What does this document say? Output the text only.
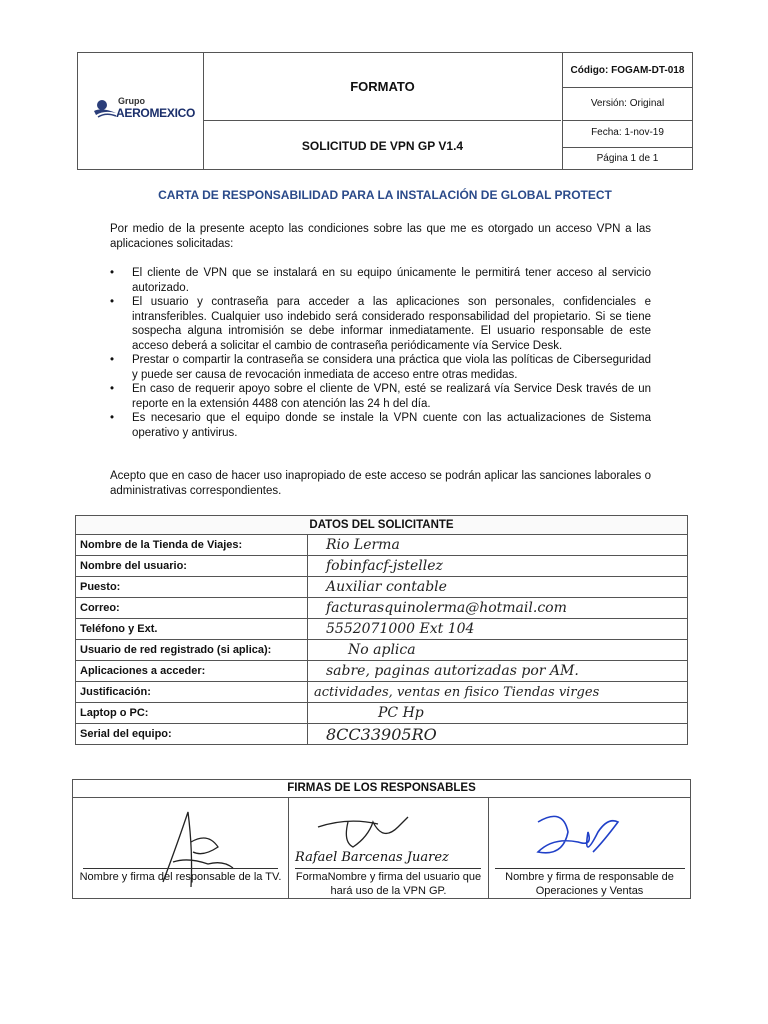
Grupo
AEROMEXICO
FORMATO
SOLICITUD DE VPN GP V1.4
Código: FOGAM-DT-018
Versión: Original
Fecha: 1-nov-19
Página 1 de 1
CARTA DE RESPONSABILIDAD PARA LA INSTALACIÓN DE GLOBAL PROTECT
Por medio de la presente acepto las condiciones sobre las que me es otorgado un acceso VPN a las aplicaciones solicitadas:
• El cliente de VPN que se instalará en su equipo únicamente le permitirá tener acceso al servicio autorizado.
• El usuario y contraseña para acceder a las aplicaciones son personales, confidenciales e intransferibles. Cualquier uso indebido será considerado responsabilidad del propietario. Si se tiene sospecha alguna intromisión se debe informar inmediatamente. El usuario responsable de este acceso deberá a solicitar el cambio de contraseña periódicamente vía Service Desk.
• Prestar o compartir la contraseña se considera una práctica que viola las políticas de Ciberseguridad y puede ser causa de revocación inmediata de acceso entre otras medidas.
• En caso de requerir apoyo sobre el cliente de VPN, esté se realizará vía Service Desk través de un reporte en la extensión 4488 con atención las 24 h del día.
• Es necesario que el equipo donde se instale la VPN cuente con las actualizaciones de Sistema operativo y antivirus.
Acepto que en caso de hacer uso inapropiado de este acceso se podrán aplicar las sanciones laborales o administrativas correspondientes.
DATOS DEL SOLICITANTE	
Nombre de la Tienda de Viajes:	Rio Lerma
Nombre del usuario:	fobinfacf-jstellez
Puesto:	Auxiliar contable
Correo:	facturasquinolerma@hotmail.com
Teléfono y Ext.	5552071000 Ext 104
Usuario de red registrado (si aplica):	No aplica
Aplicaciones a acceder:	sabre, paginas autorizadas por AM.
Justificación:	actividades, ventas en fisico Tiendas virges
Laptop o PC:	PC Hp
Serial del equipo:	8CC33905RO
FIRMAS DE LOS RESPONSABLES
Nombre y firma del responsable de la TV.
Rafael Barcenas Juarez
FormaNombre y firma del usuario que hará uso de la VPN GP.
Nombre y firma de responsable de Operaciones y Ventas
